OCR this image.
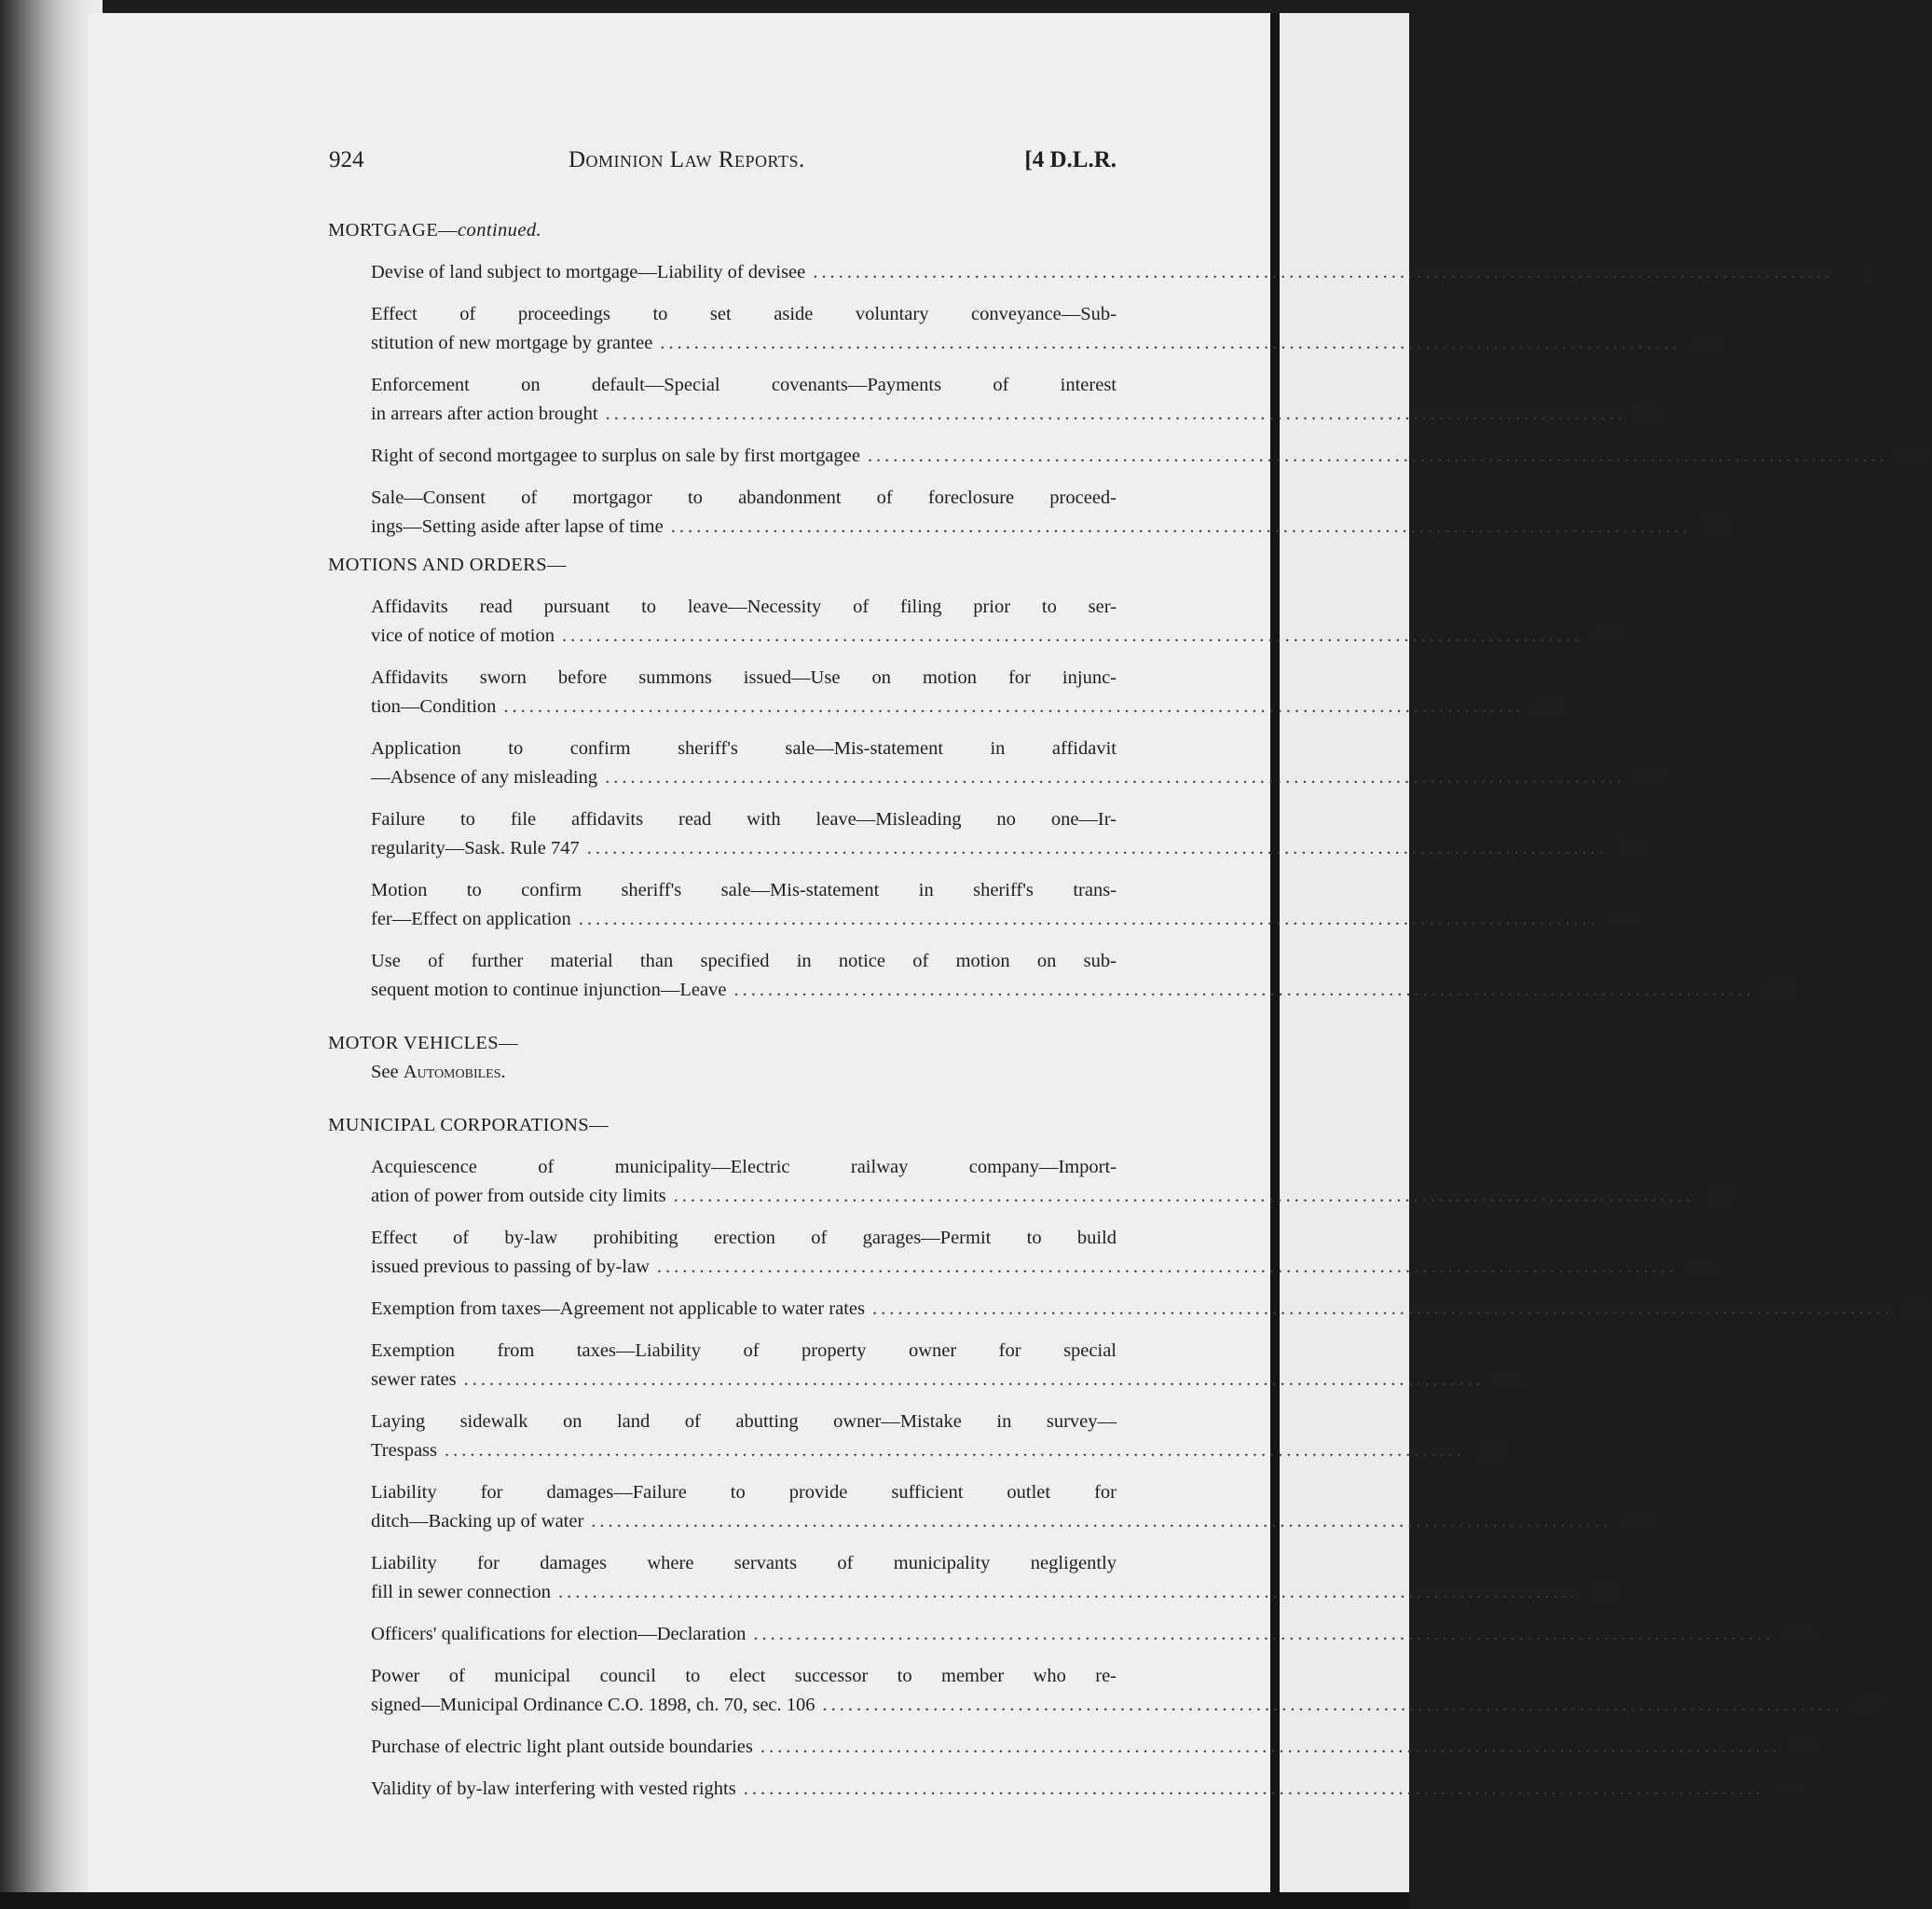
924	Dominion Law Reports.	[4 D.L.R.
MORTGAGE—continued.
Devise of land subject to mortgage—Liability of devisee ........................................................................................................................	6
Effect of proceedings to set aside voluntary conveyance—Sub-
stitution of new mortgage by grantee ........................................................................................................................ 836
Enforcement on default—Special covenants—Payments of interest
in arrears after action brought ........................................................................................................................ 301
Right of second mortgagee to surplus on sale by first mortgagee ........................................................................................................................ 393
Sale—Consent of mortgagor to abandonment of foreclosure proceed-
ings—Setting aside after lapse of time ........................................................................................................................ 655
MOTIONS AND ORDERS—
Affidavits read pursuant to leave—Necessity of filing prior to ser-
vice of notice of motion ........................................................................................................................ 407
Affidavits sworn before summons issued—Use on motion for injunc-
tion—Condition ........................................................................................................................ 483
Application to confirm sheriff's sale—Mis-statement in affidavit
—Absence of any misleading ........................................................................................................................ 407
Failure to file affidavits read with leave—Misleading no one—Ir-
regularity—Sask. Rule 747 ........................................................................................................................ 407
Motion to confirm sheriff's sale—Mis-statement in sheriff's trans-
fer—Effect on application ........................................................................................................................ 407
Use of further material than specified in notice of motion on sub-
sequent motion to continue injunction—Leave ........................................................................................................................ 483
MOTOR VEHICLES—
See Automobiles.
MUNICIPAL CORPORATIONS—
Acquiescence of municipality—Electric railway company—Import-
ation of power from outside city limits ........................................................................................................................ 117
Effect of by-law prohibiting erection of garages—Permit to build
issued previous to passing of by-law ........................................................................................................................ 352
Exemption from taxes—Agreement not applicable to water rates ........................................................................................................................ 241
Exemption from taxes—Liability of property owner for special
sewer rates ........................................................................................................................ 241
Laying sidewalk on land of abutting owner—Mistake in survey—
Trespass ........................................................................................................................ 521
Liability for damages—Failure to provide sufficient outlet for
ditch—Backing up of water ........................................................................................................................ 304
Liability for damages where servants of municipality negligently
fill in sewer connection ........................................................................................................................ 523
Officers' qualifications for election—Declaration ........................................................................................................................ 278
Power of municipal council to elect successor to member who re-
signed—Municipal Ordinance C.O. 1898, ch. 70, sec. 106 ........................................................................................................................ 697
Purchase of electric light plant outside boundaries ........................................................................................................................ 502
Validity of by-law interfering with vested rights ........................................................................................................................ 352
